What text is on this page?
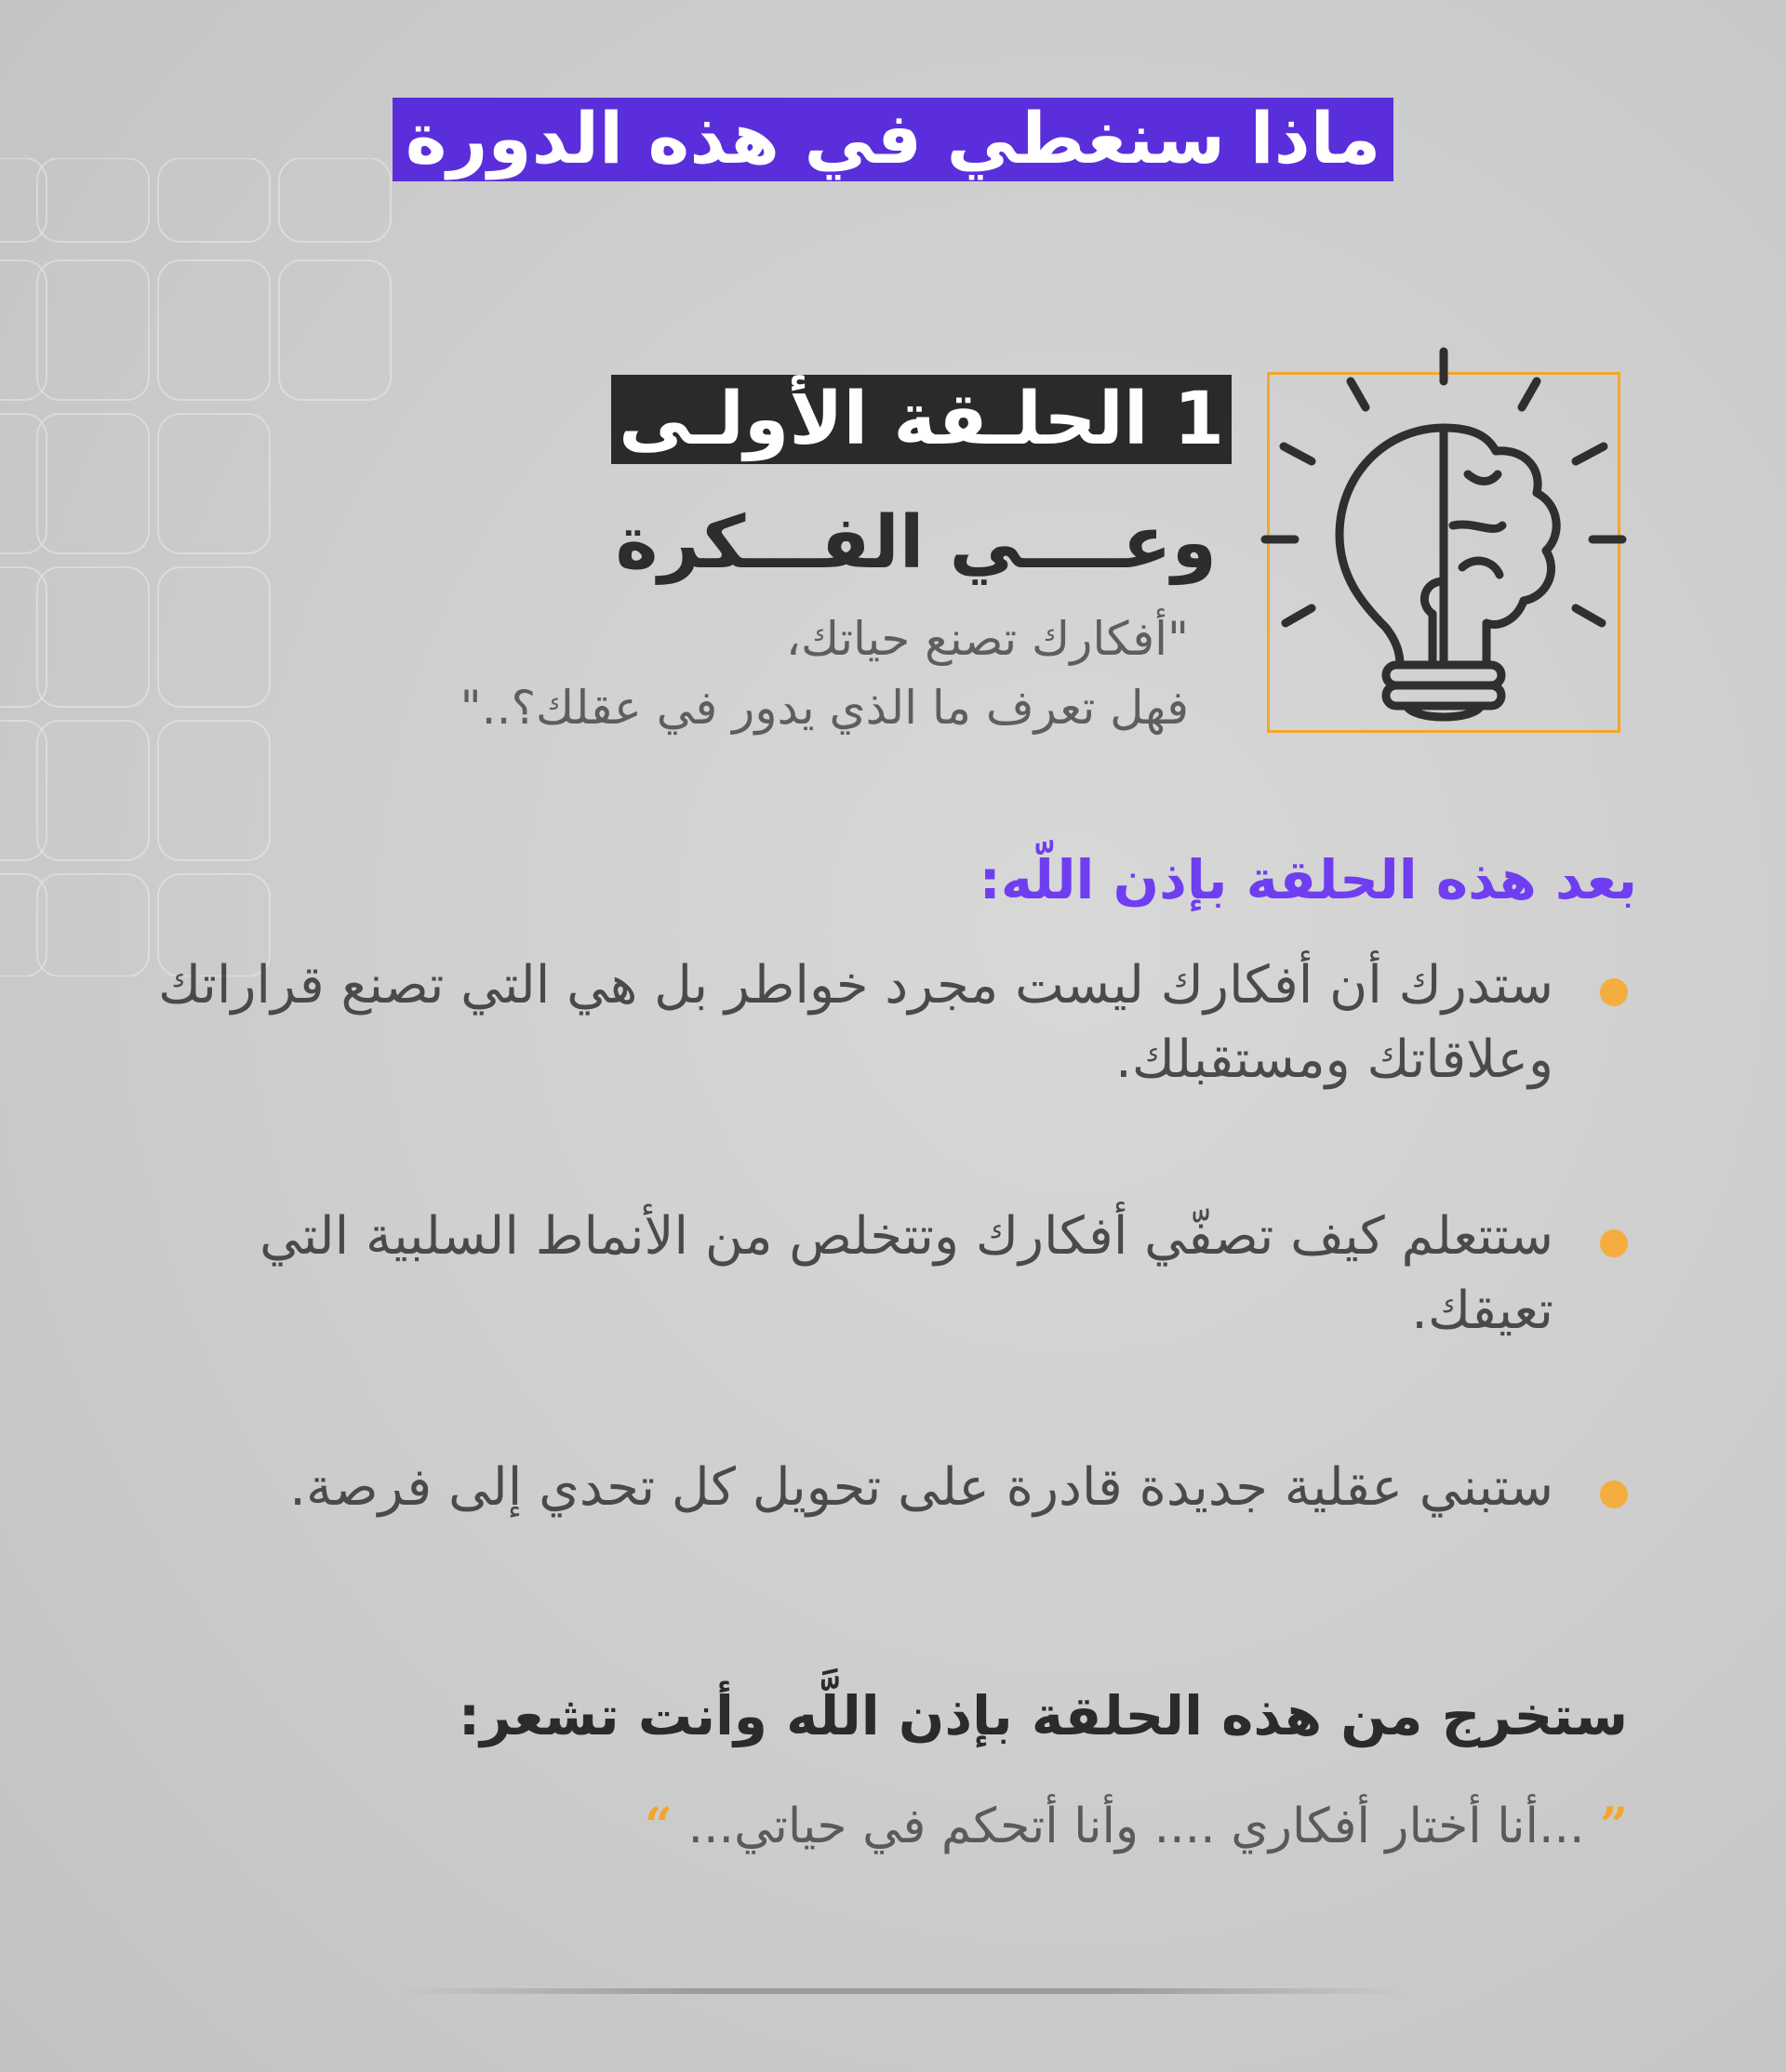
ماذا سنغطي في هذه الدورة
1 الحلـقة الأولـى
وعــــي الفـــكرة
"أفكارك تصنع حياتك،
فهل تعرف ما الذي يدور في عقلك؟.."
بعد هذه الحلقة بإذن اللّه:
ستدرك أن أفكارك ليست مجرد خواطر بل هي التي تصنع قراراتك وعلاقاتك ومستقبلك.
ستتعلم كيف تصفّي أفكارك وتتخلص من الأنماط السلبية التي تعيقك.
ستبني عقلية جديدة قادرة على تحويل كل تحدي إلى فرصة.
ستخرج من هذه الحلقة بإذن اللَّه وأنت تشعر:
” ...أنا أختار أفكاري .... وأنا أتحكم في حياتي... “
